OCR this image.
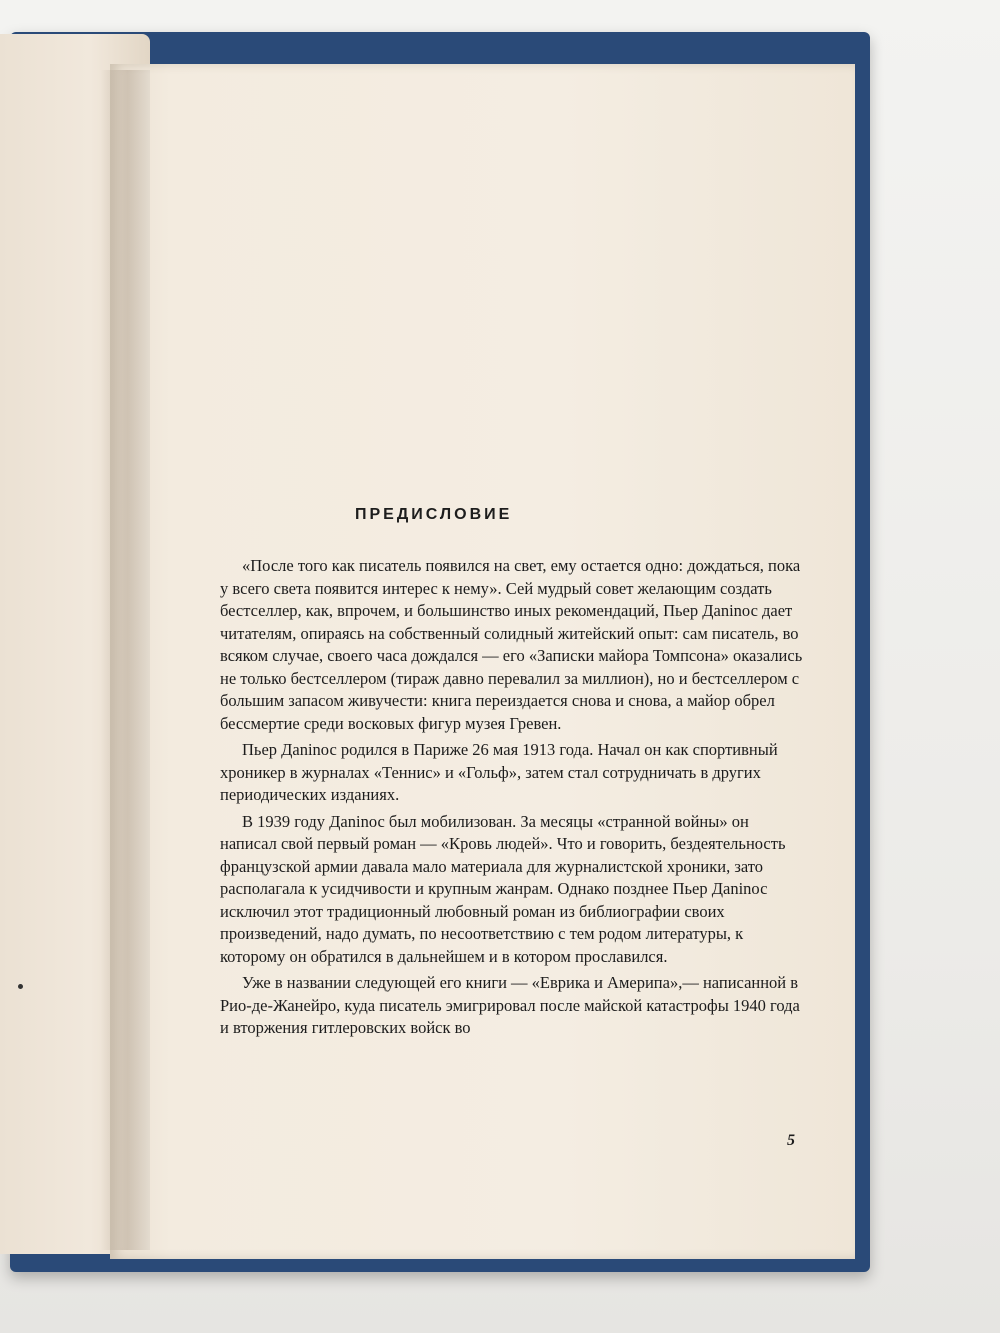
ПРЕДИСЛОВИЕ

«После того как писатель появился на свет, ему остается одно: дождаться, пока у всего света появится интерес к нему». Сей мудрый совет желающим создать бестселлер, как, впрочем, и большинство иных рекомендаций, Пьер Даninос дает читателям, опираясь на собственный солидный житейский опыт: сам писатель, во всяком случае, своего часа дождался — его «Записки майора Томпсона» оказались не только бестселлером (тираж давно перевалил за миллион), но и бестселлером с большим запасом живучести: книга переиздается снова и снова, а майор обрел бессмертие среди восковых фигур музея Гревен.

Пьер Даninос родился в Париже 26 мая 1913 года. Начал он как спортивный хроникер в журналах «Теннис» и «Гольф», затем стал сотрудничать в других периодических изданиях.

В 1939 году Даninос был мобилизован. За месяцы «странной войны» он написал свой первый роман — «Кровь людей». Что и говорить, бездеятельность французской армии давала мало материала для журналистской хроники, зато располагала к усидчивости и крупным жанрам. Однако позднее Пьер Даninос исключил этот традиционный любовный роман из библиографии своих произведений, надо думать, по несоответствию с тем родом литературы, к которому он обратился в дальнейшем и в котором прославился.

Уже в названии следующей его книги — «Еврика и Америпа»,— написанной в Рио-де-Жанейро, куда писатель эмигрировал после майской катастрофы 1940 года и вторжения гитлеровских войск во

5
